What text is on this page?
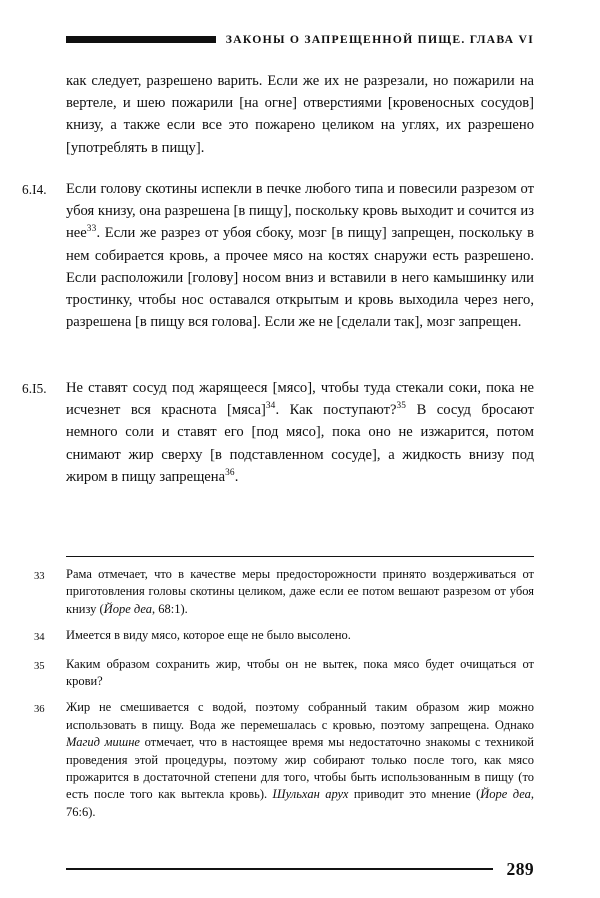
ЗАКОНЫ О ЗАПРЕЩЕННОЙ ПИЩЕ. ГЛАВА VI
как следует, разрешено варить. Если же их не разрезали, но пожарили на вертеле, и шею пожарили [на огне] отверстиями [кровеносных сосудов] книзу, а также если все это пожарено целиком на углях, их разрешено [употреблять в пищу].
6.I4.	Если голову скотины испекли в печке любого типа и повесили разрезом от убоя книзу, она разрешена [в пищу], поскольку кровь выходит и сочится из нее$^{33}$. Если же разрез от убоя сбоку, мозг [в пищу] запрещен, поскольку в нем собирается кровь, а прочее мясо на костях снаружи есть разрешено. Если расположили [голову] носом вниз и вставили в него камышинку или тростинку, чтобы нос оставался открытым и кровь выходила через него, разрешена [в пищу вся голова]. Если же не [сделали так], мозг запрещен.
6.I5.	Не ставят сосуд под жарящееся [мясо], чтобы туда стекали соки, пока не исчезнет вся краснота [мяса]$^{34}$. Как поступают?$^{35}$ В сосуд бросают немного соли и ставят его [под мясо], пока оно не изжарится, потом снимают жир сверху [в подставленном сосуде], а жидкость внизу под жиром в пищу запрещена$^{36}$.
33	Рама отмечает, что в качестве меры предосторожности принято воздерживаться от приготовления головы скотины целиком, даже если ее потом вешают разрезом от убоя книзу (Йоре деа, 68:1).
34	Имеется в виду мясо, которое еще не было высолено.
35	Каким образом сохранить жир, чтобы он не вытек, пока мясо будет очищаться от крови?
36	Жир не смешивается с водой, поэтому собранный таким образом жир можно использовать в пищу. Вода же перемешалась с кровью, поэтому запрещена. Однако Магид мишне отмечает, что в настоящее время мы недостаточно знакомы с техникой проведения этой процедуры, поэтому жир собирают только после того, как мясо прожарится в достаточной степени для того, чтобы быть использованным в пищу (то есть после того как вытекла кровь). Шульхан арух приводит это мнение (Йоре деа, 76:6).
289
